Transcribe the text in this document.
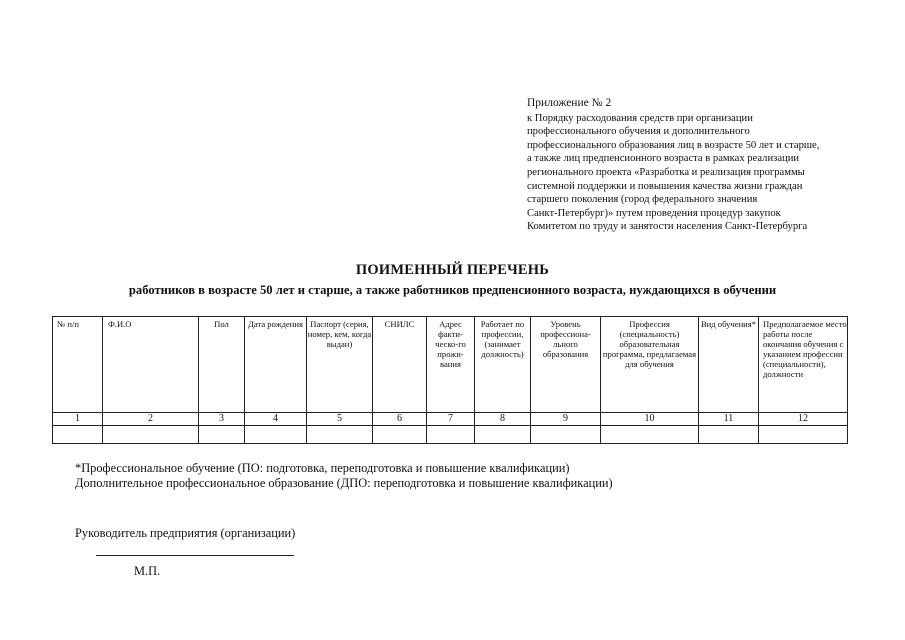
Приложение № 2
к Порядку расходования средств при организации
профессионального обучения и дополнительного
профессионального образования лиц в возрасте 50 лет и старше,
а также лиц предпенсионного возраста в рамках реализации
регионального проекта «Разработка и реализация программы
системной поддержки и повышения качества жизни граждан
старшего поколения (город федерального значения
Санкт-Петербург)» путем проведения процедур закупок
Комитетом по труду и занятости населения Санкт-Петербурга
ПОИМЕННЫЙ ПЕРЕЧЕНЬ
работников в возрасте 50 лет и старше, а также работников предпенсионного возраста, нуждающихся в обучении
№ п/п	Ф.И.О	Пол	Дата рождения	Паспорт (серия, номер, кем, когда выдан)	СНИЛС	Адрес факти-ческо-го прожи-вания	Работает по профессии, (занимает должность)	Уровень профессиона-льного образования	Профессия (специальность) образовательная программа, предлагаемая для обучения	Вид обучения*	Предполагаемое место работы после окончания обучения с указанием профессии (специальности), должности
1	2	3	4	5	6	7	8	9	10	11	12

*Профессиональное обучение (ПО: подготовка, переподготовка и повышение квалификации)
Дополнительное профессиональное образование (ДПО: переподготовка и повышение квалификации)
Руководитель предприятия (организации)
М.П.
